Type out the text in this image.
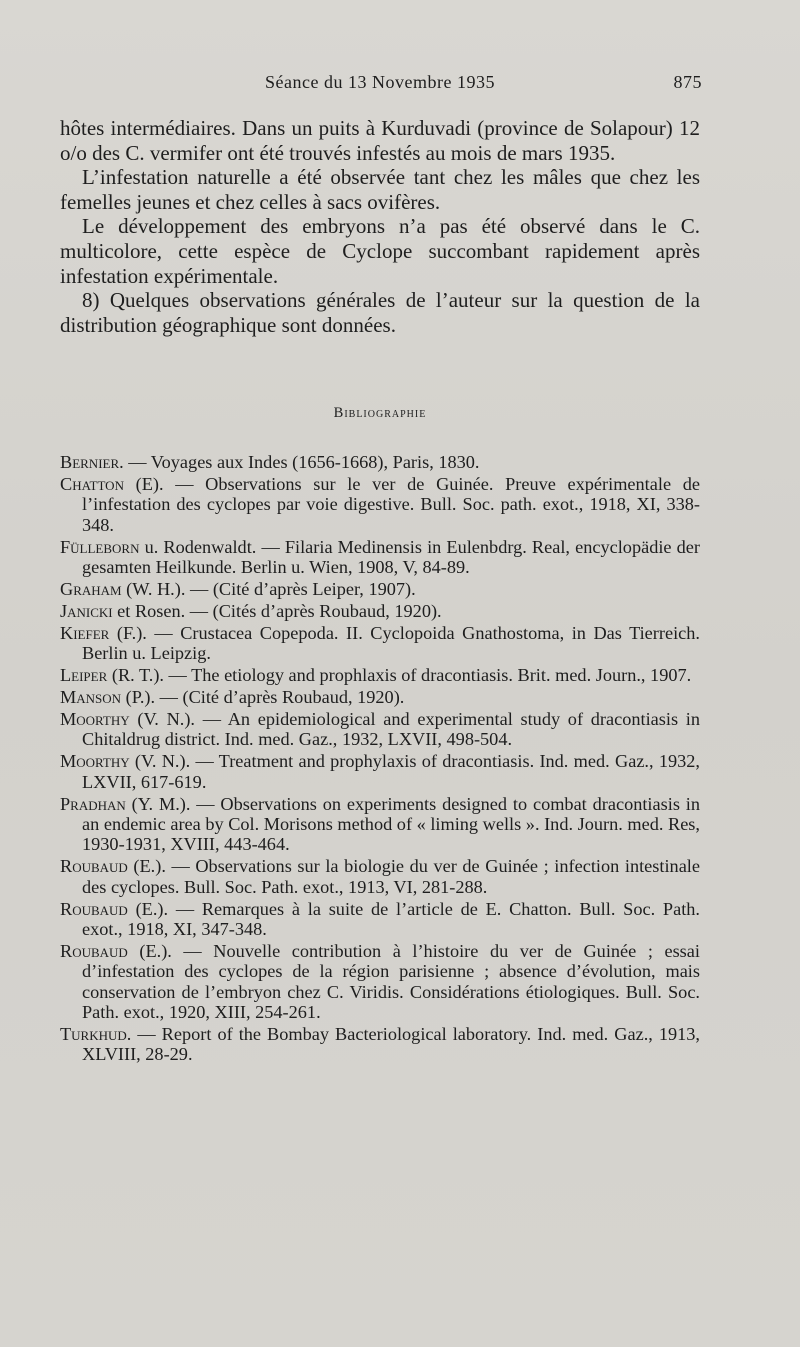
Séance du 13 Novembre 1935	875

hôtes intermédiaires. Dans un puits à Kurduvadi (province de Solapour) 12 o/o des C. vermifer ont été trouvés infestés au mois de mars 1935.

L’infestation naturelle a été observée tant chez les mâles que chez les femelles jeunes et chez celles à sacs ovifères.

Le développement des embryons n’a pas été observé dans le C. multicolore, cette espèce de Cyclope succombant rapidement après infestation expérimentale.

8) Quelques observations générales de l’auteur sur la question de la distribution géographique sont données.

Bibliographie
Bernier. — Voyages aux Indes (1656-1668), Paris, 1830.
Chatton (E). — Observations sur le ver de Guinée. Preuve expérimentale de l’infestation des cyclopes par voie digestive. Bull. Soc. path. exot., 1918, XI, 338-348.
Fülleborn u. Rodenwaldt. — Filaria Medinensis in Eulenbdrg. Real, encyclopädie der gesamten Heilkunde. Berlin u. Wien, 1908, V, 84-89.
Graham (W. H.). — (Cité d’après Leiper, 1907).
Janicki et Rosen. — (Cités d’après Roubaud, 1920).
Kiefer (F.). — Crustacea Copepoda. II. Cyclopoida Gnathostoma, in Das Tierreich. Berlin u. Leipzig.
Leiper (R. T.). — The etiology and prophlaxis of dracontiasis. Brit. med. Journ., 1907.
Manson (P.). — (Cité d’après Roubaud, 1920).
Moorthy (V. N.). — An epidemiological and experimental study of dracontiasis in Chitaldrug district. Ind. med. Gaz., 1932, LXVII, 498-504.
Moorthy (V. N.). — Treatment and prophylaxis of dracontiasis. Ind. med. Gaz., 1932, LXVII, 617-619.
Pradhan (Y. M.). — Observations on experiments designed to combat dracontiasis in an endemic area by Col. Morisons method of « liming wells ». Ind. Journ. med. Res, 1930-1931, XVIII, 443-464.
Roubaud (E.). — Observations sur la biologie du ver de Guinée ; infection intestinale des cyclopes. Bull. Soc. Path. exot., 1913, VI, 281-288.
Roubaud (E.). — Remarques à la suite de l’article de E. Chatton. Bull. Soc. Path. exot., 1918, XI, 347-348.
Roubaud (E.). — Nouvelle contribution à l’histoire du ver de Guinée ; essai d’infestation des cyclopes de la région parisienne ; absence d’évolution, mais conservation de l’embryon chez C. Viridis. Considérations étiologiques. Bull. Soc. Path. exot., 1920, XIII, 254-261.
Turkhud. — Report of the Bombay Bacteriological laboratory. Ind. med. Gaz., 1913, XLVIII, 28-29.
